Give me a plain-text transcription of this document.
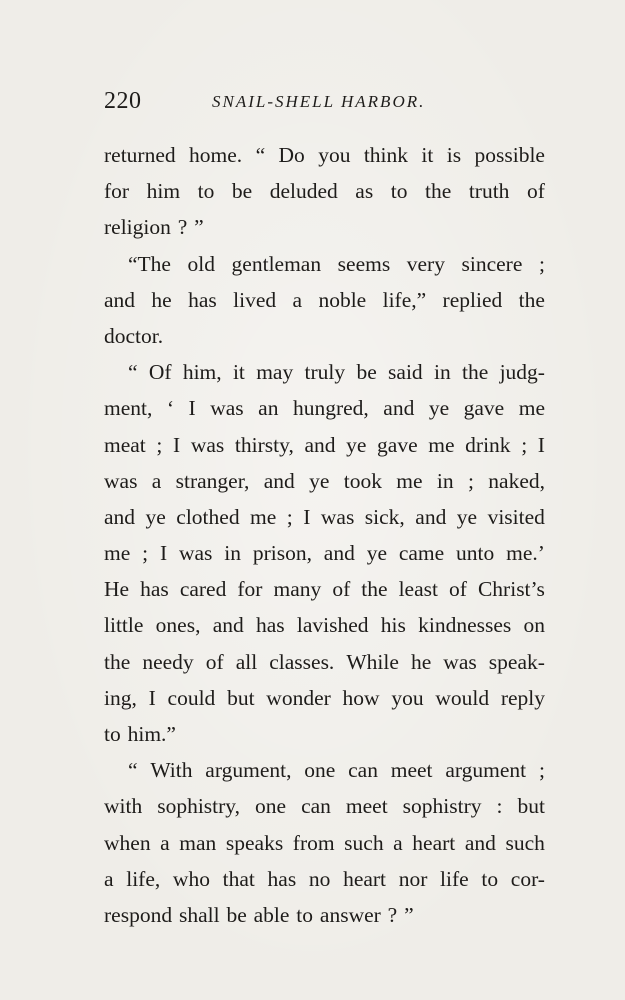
220	SNAIL-SHELL HARBOR.
returned home. “ Do you think it is possible
for him to be deluded as to the truth of
religion ? ”
“The old gentleman seems very sincere ;
and he has lived a noble life,” replied the
doctor.
“ Of him, it may truly be said in the judg-
ment, ‘ I was an hungred, and ye gave me
meat ; I was thirsty, and ye gave me drink ; I
was a stranger, and ye took me in ; naked,
and ye clothed me ; I was sick, and ye visited
me ; I was in prison, and ye came unto me.’
He has cared for many of the least of Christ’s
little ones, and has lavished his kindnesses on
the needy of all classes. While he was speak-
ing, I could but wonder how you would reply
to him.”
“ With argument, one can meet argument ;
with sophistry, one can meet sophistry : but
when a man speaks from such a heart and such
a life, who that has no heart nor life to cor-
respond shall be able to answer ? ”
